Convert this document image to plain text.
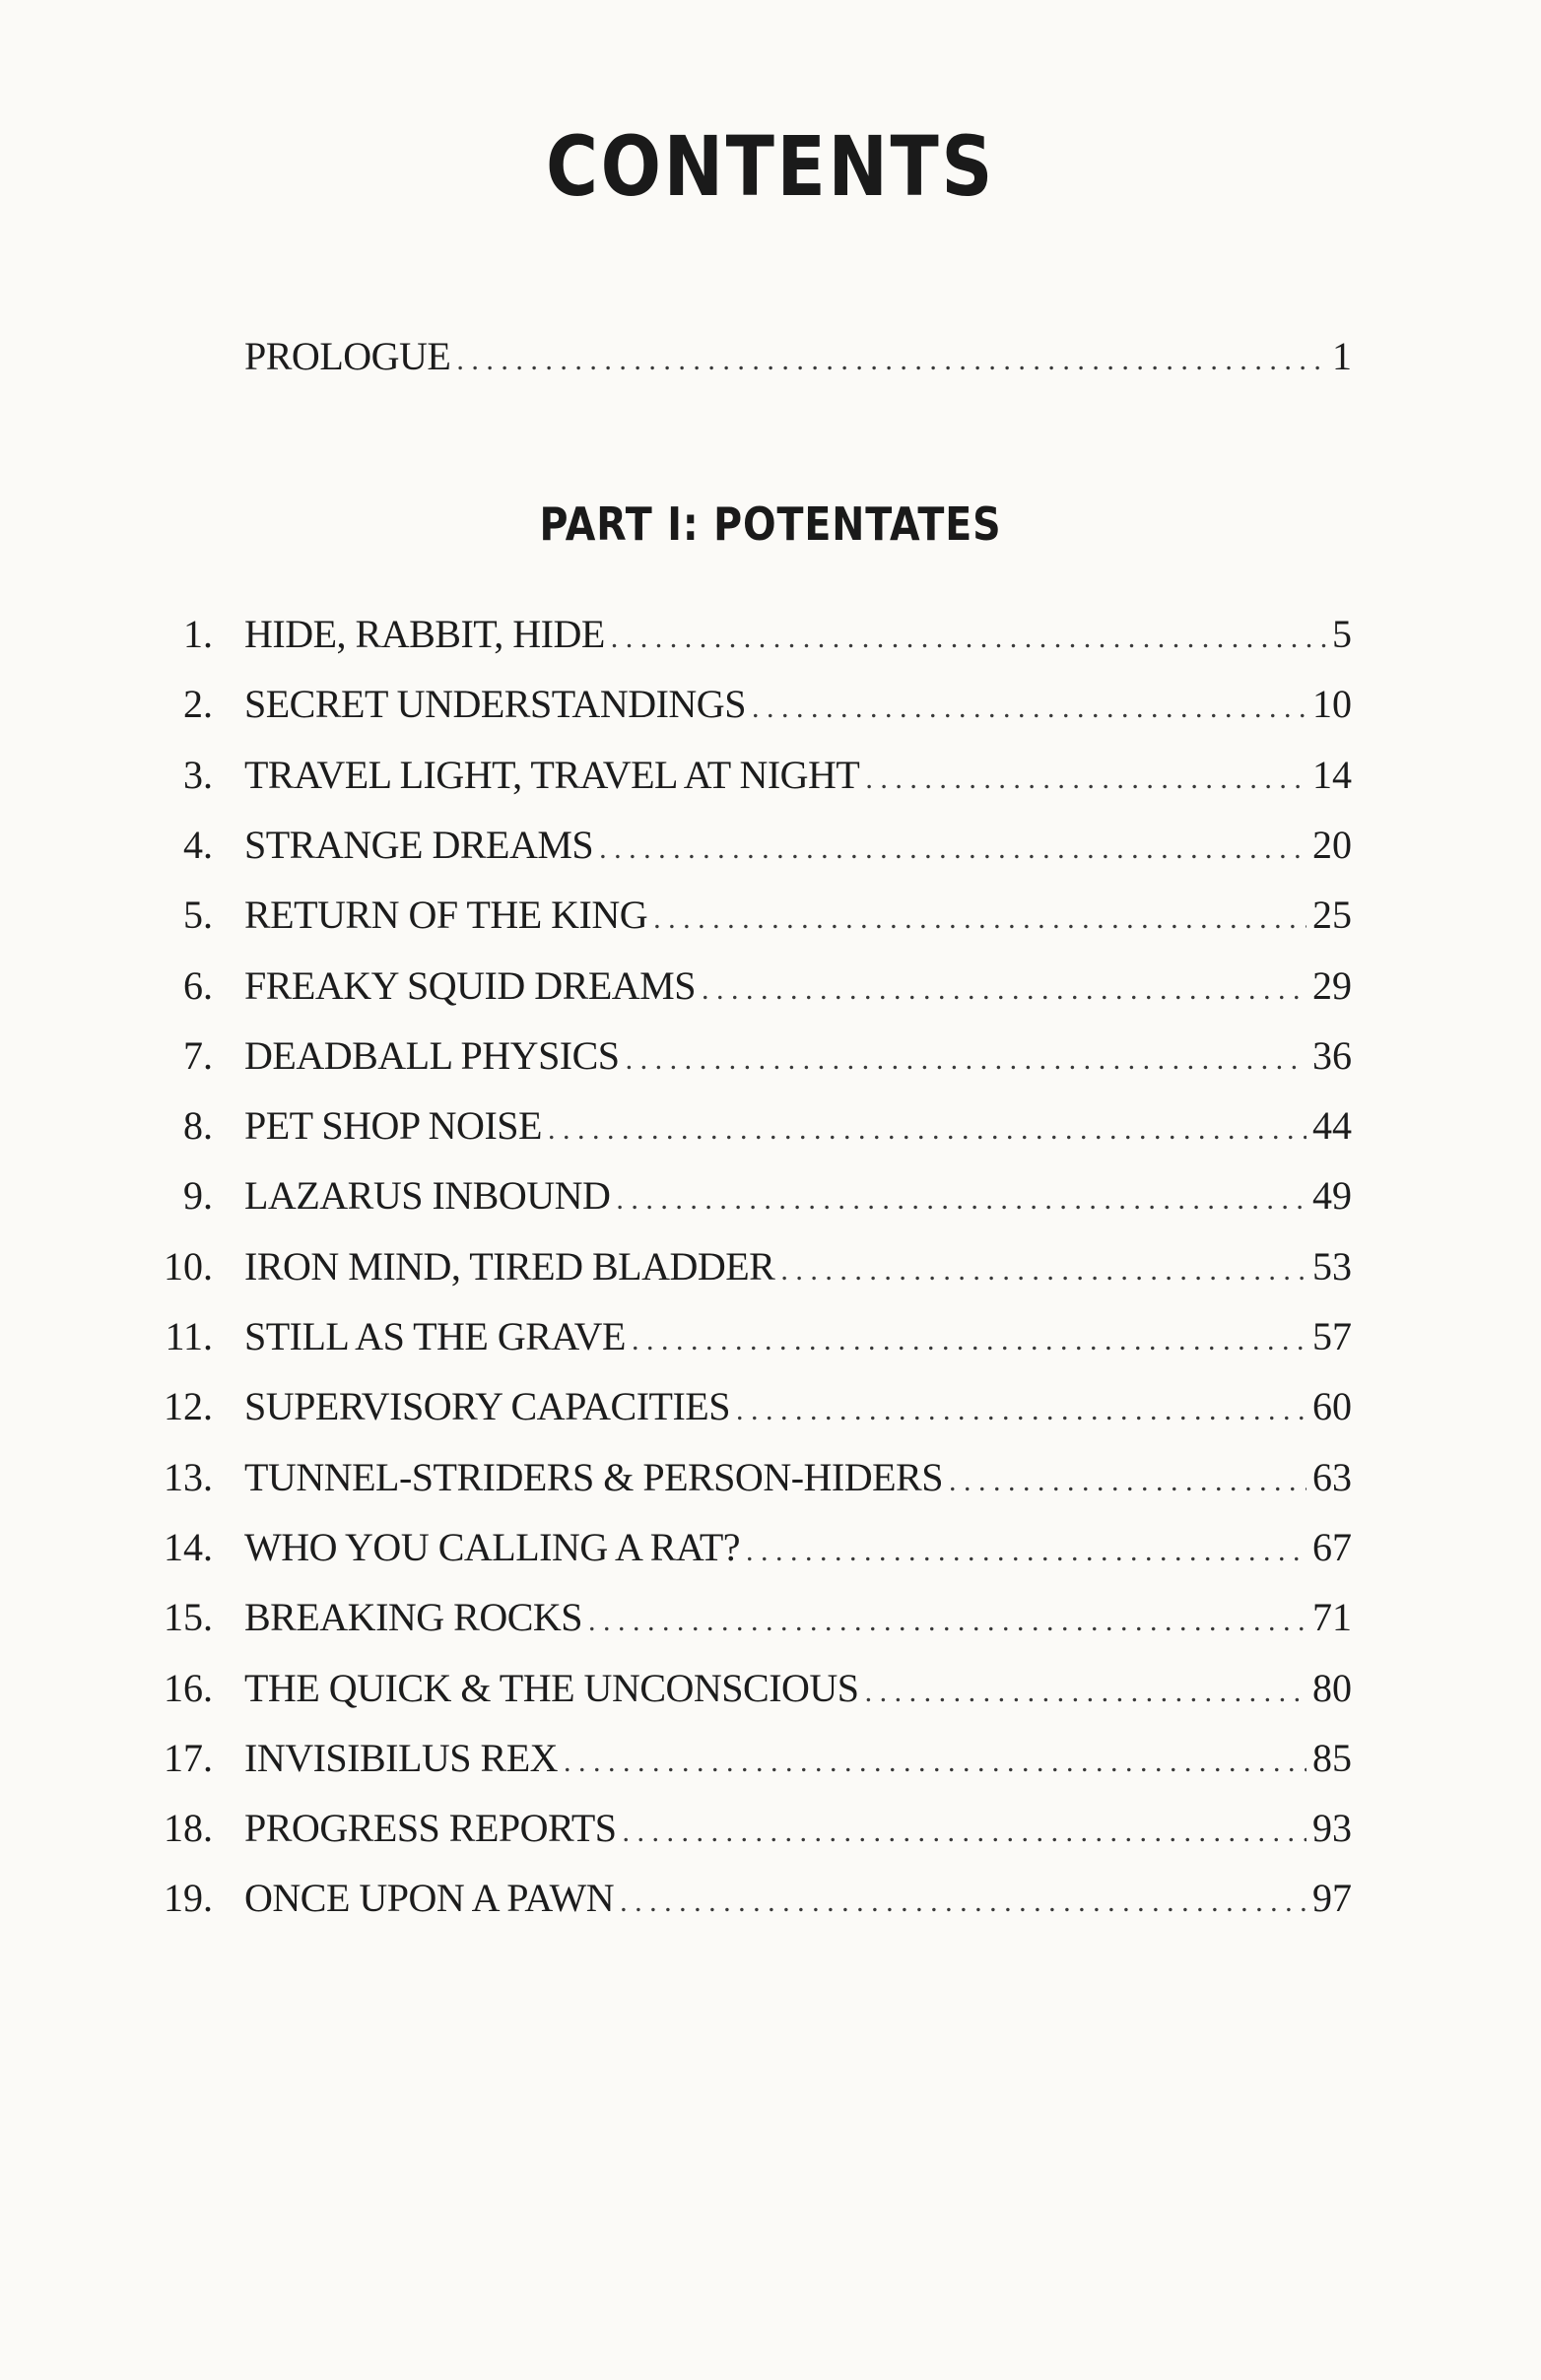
CONTENTS
PROLOGUE . . .	1
PART I: POTENTATES
1. HIDE, RABBIT, HIDE . . .	5
2. SECRET UNDERSTANDINGS . . .	10
3. TRAVEL LIGHT, TRAVEL AT NIGHT . . .	14
4. STRANGE DREAMS . . .	20
5. RETURN OF THE KING . . .	25
6. FREAKY SQUID DREAMS . . .	29
7. DEADBALL PHYSICS . . .	36
8. PET SHOP NOISE . . .	44
9. LAZARUS INBOUND . . .	49
10. IRON MIND, TIRED BLADDER . . .	53
11. STILL AS THE GRAVE . . .	57
12. SUPERVISORY CAPACITIES . . .	60
13. TUNNEL-STRIDERS & PERSON-HIDERS . . .	63
14. WHO YOU CALLING A RAT? . . .	67
15. BREAKING ROCKS . . .	71
16. THE QUICK & THE UNCONSCIOUS . . .	80
17. INVISIBILUS REX . . .	85
18. PROGRESS REPORTS . . .	93
19. ONCE UPON A PAWN . . .	97
